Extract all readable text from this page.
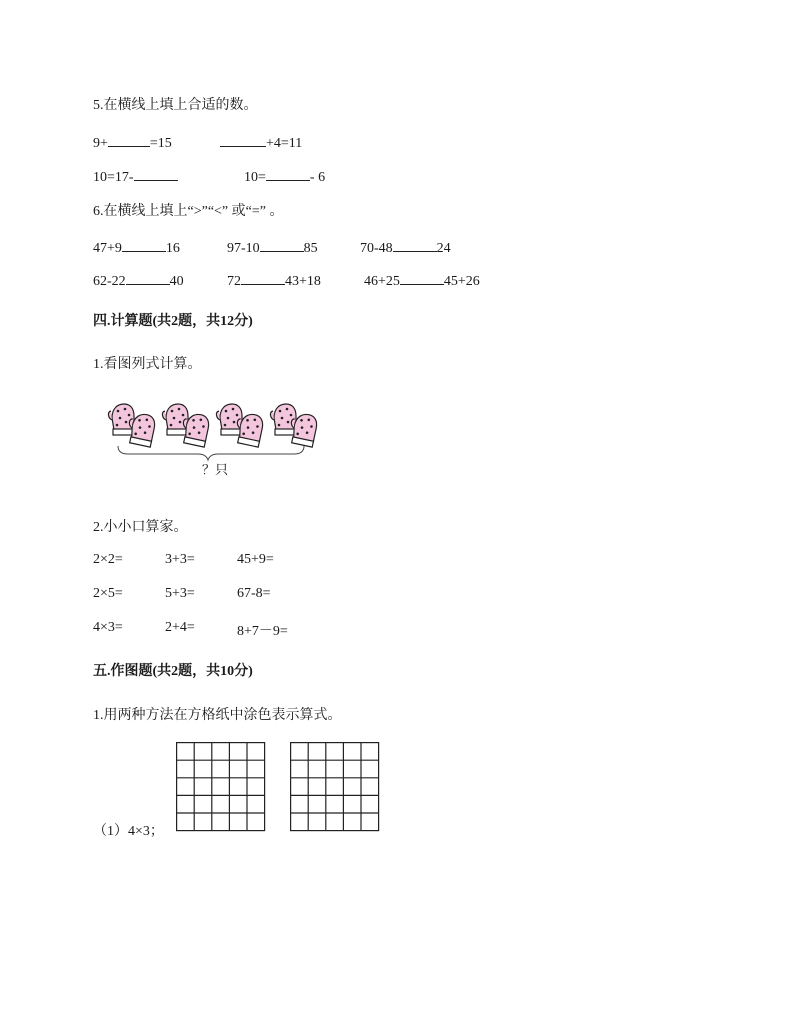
5.在横线上填上合适的数。
9+	=15	+4=11
10=17-	10=	- 6
6.在横线上填上“>”“<” 或“=” 。
47+9	16	97-10	85	70-48	24
62-22	40	72	43+18	46+25	45+26
四.计算题(共2题，共12分)
1.看图列式计算。
？只
2.小小口算家。
2×2=	3+3=	45+9=
2×5=	5+3=	67-8=
4×3=	2+4=	8+7－9=
五.作图题(共2题，共10分)
1.用两种方法在方格纸中涂色表示算式。
（1）4×3；
